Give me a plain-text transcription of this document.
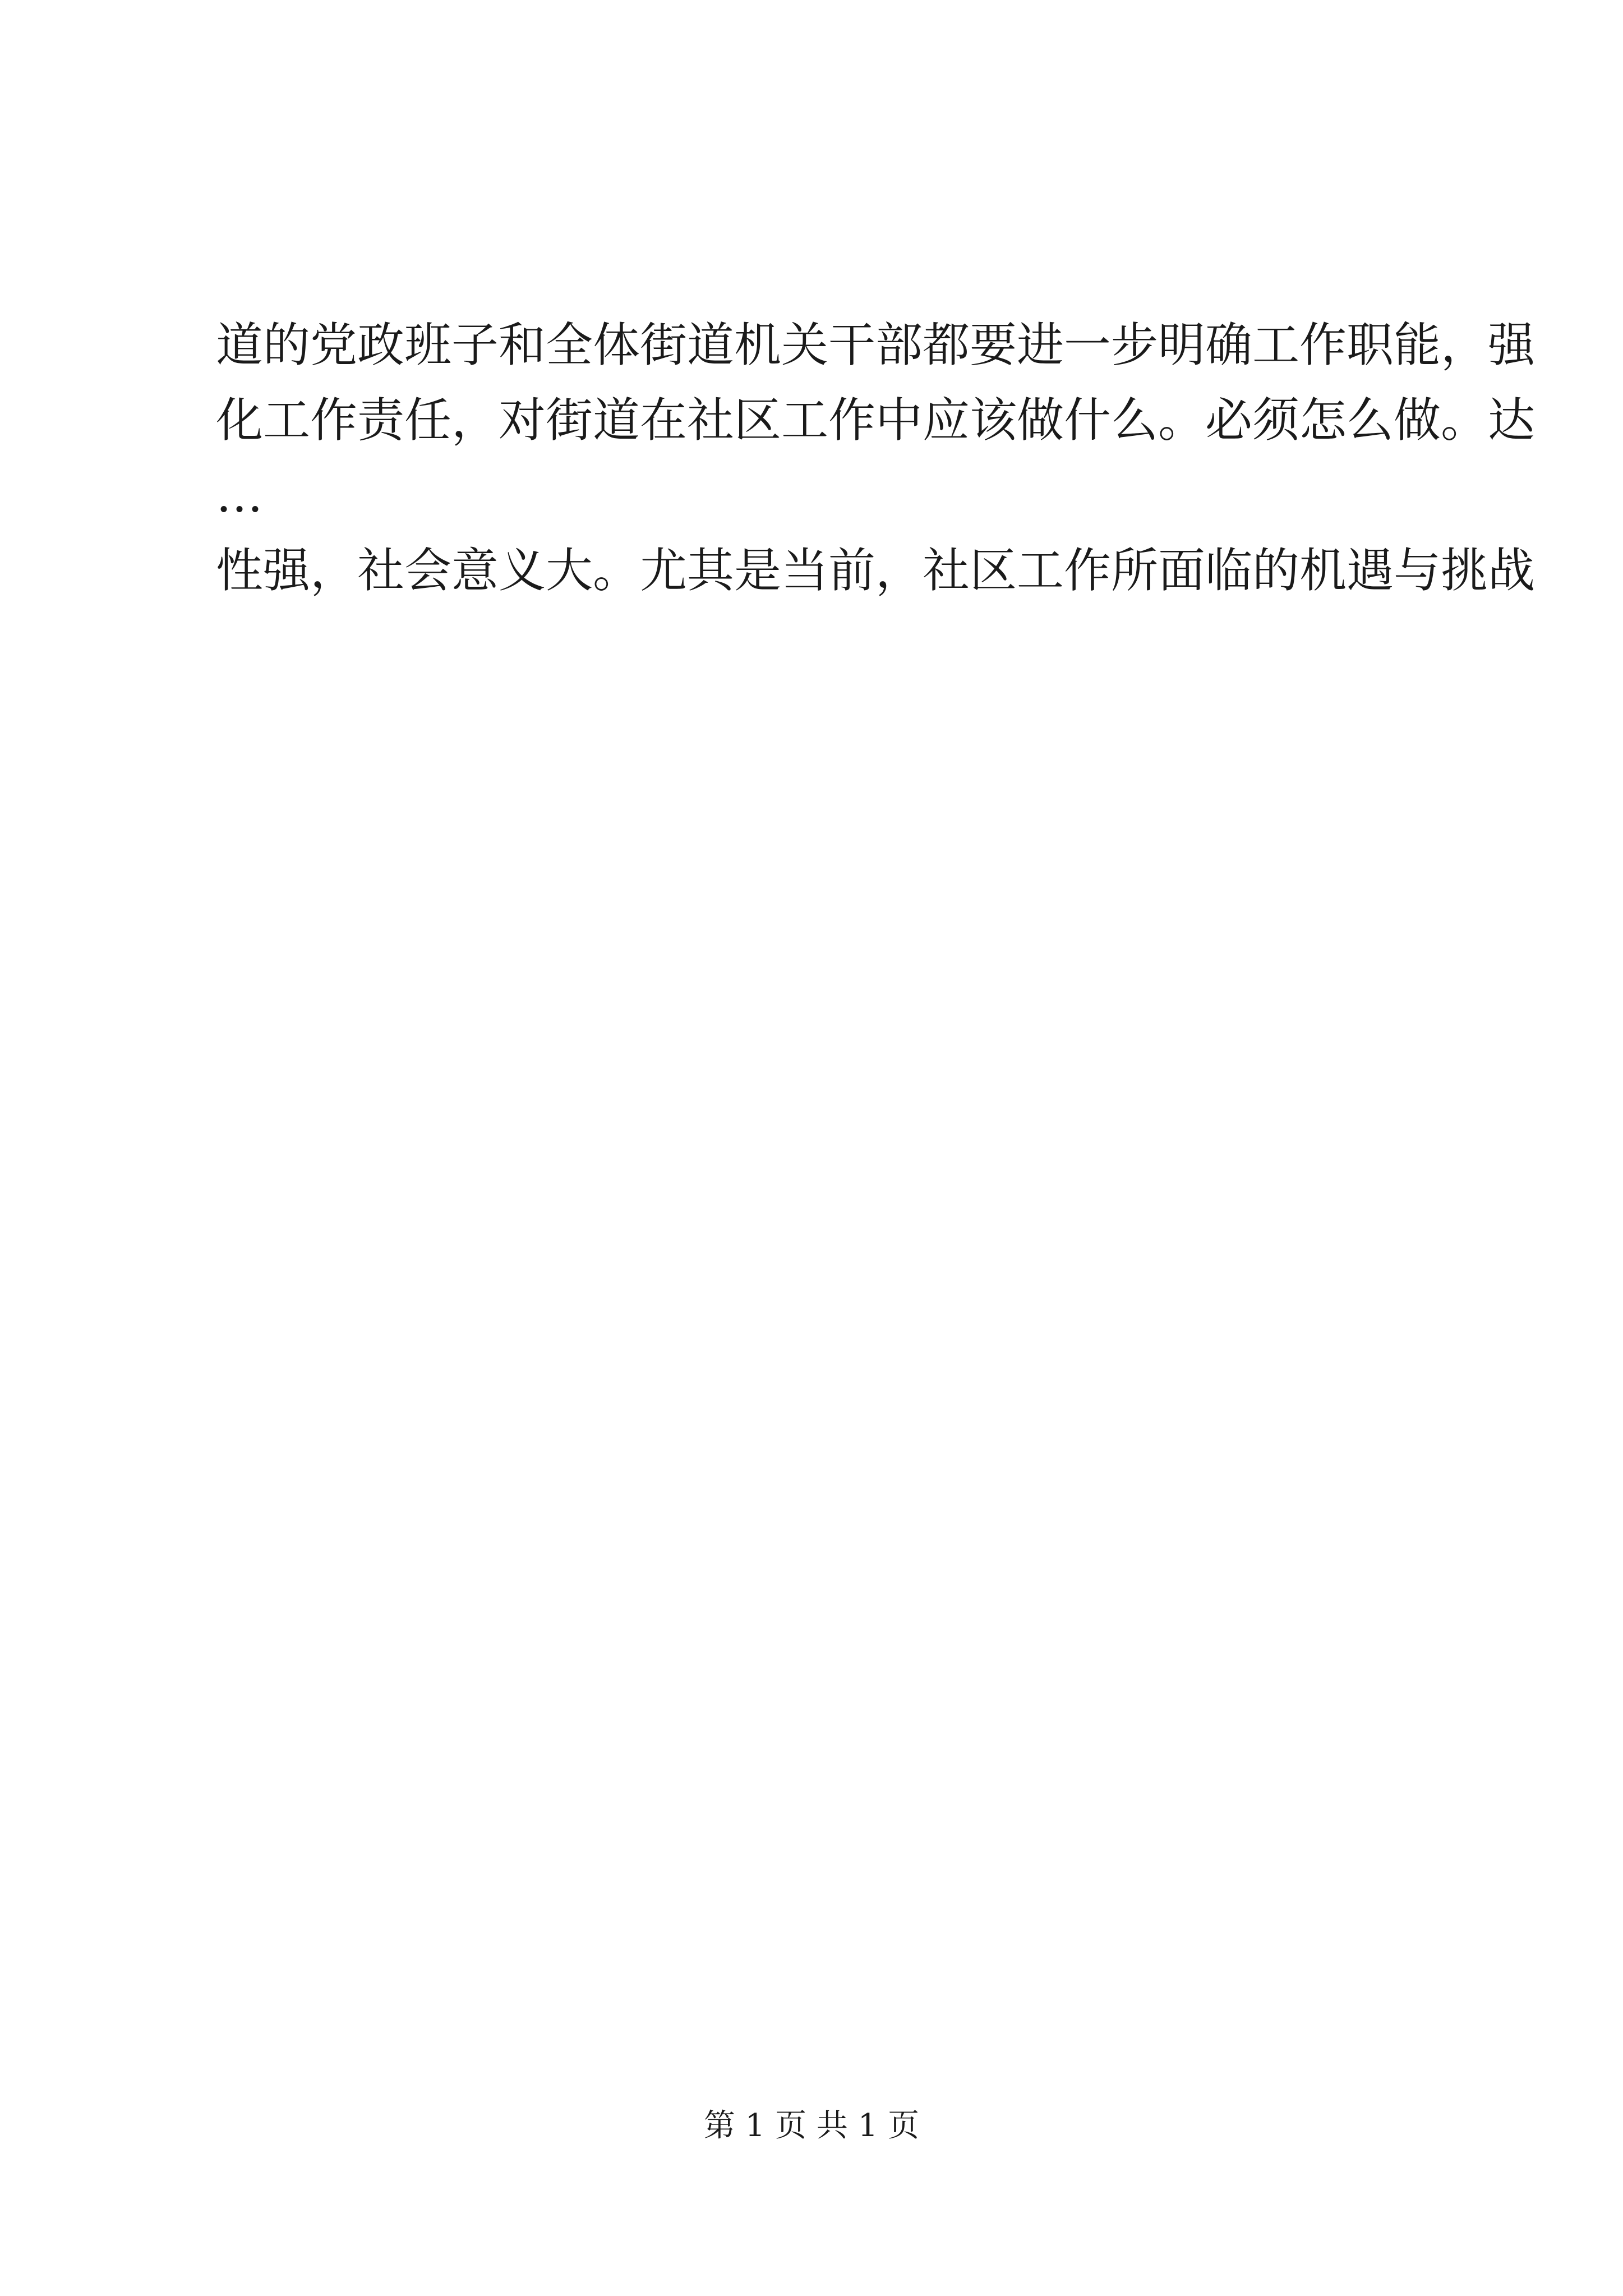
道的党政班子和全体街道机关干部都要进一步明确工作职能，强
化工作责任，对街道在社区工作中应该做什么。必须怎么做。达
…
性强，社会意义大。尤其是当前，社区工作所面临的机遇与挑战
第 1 页 共 1 页
